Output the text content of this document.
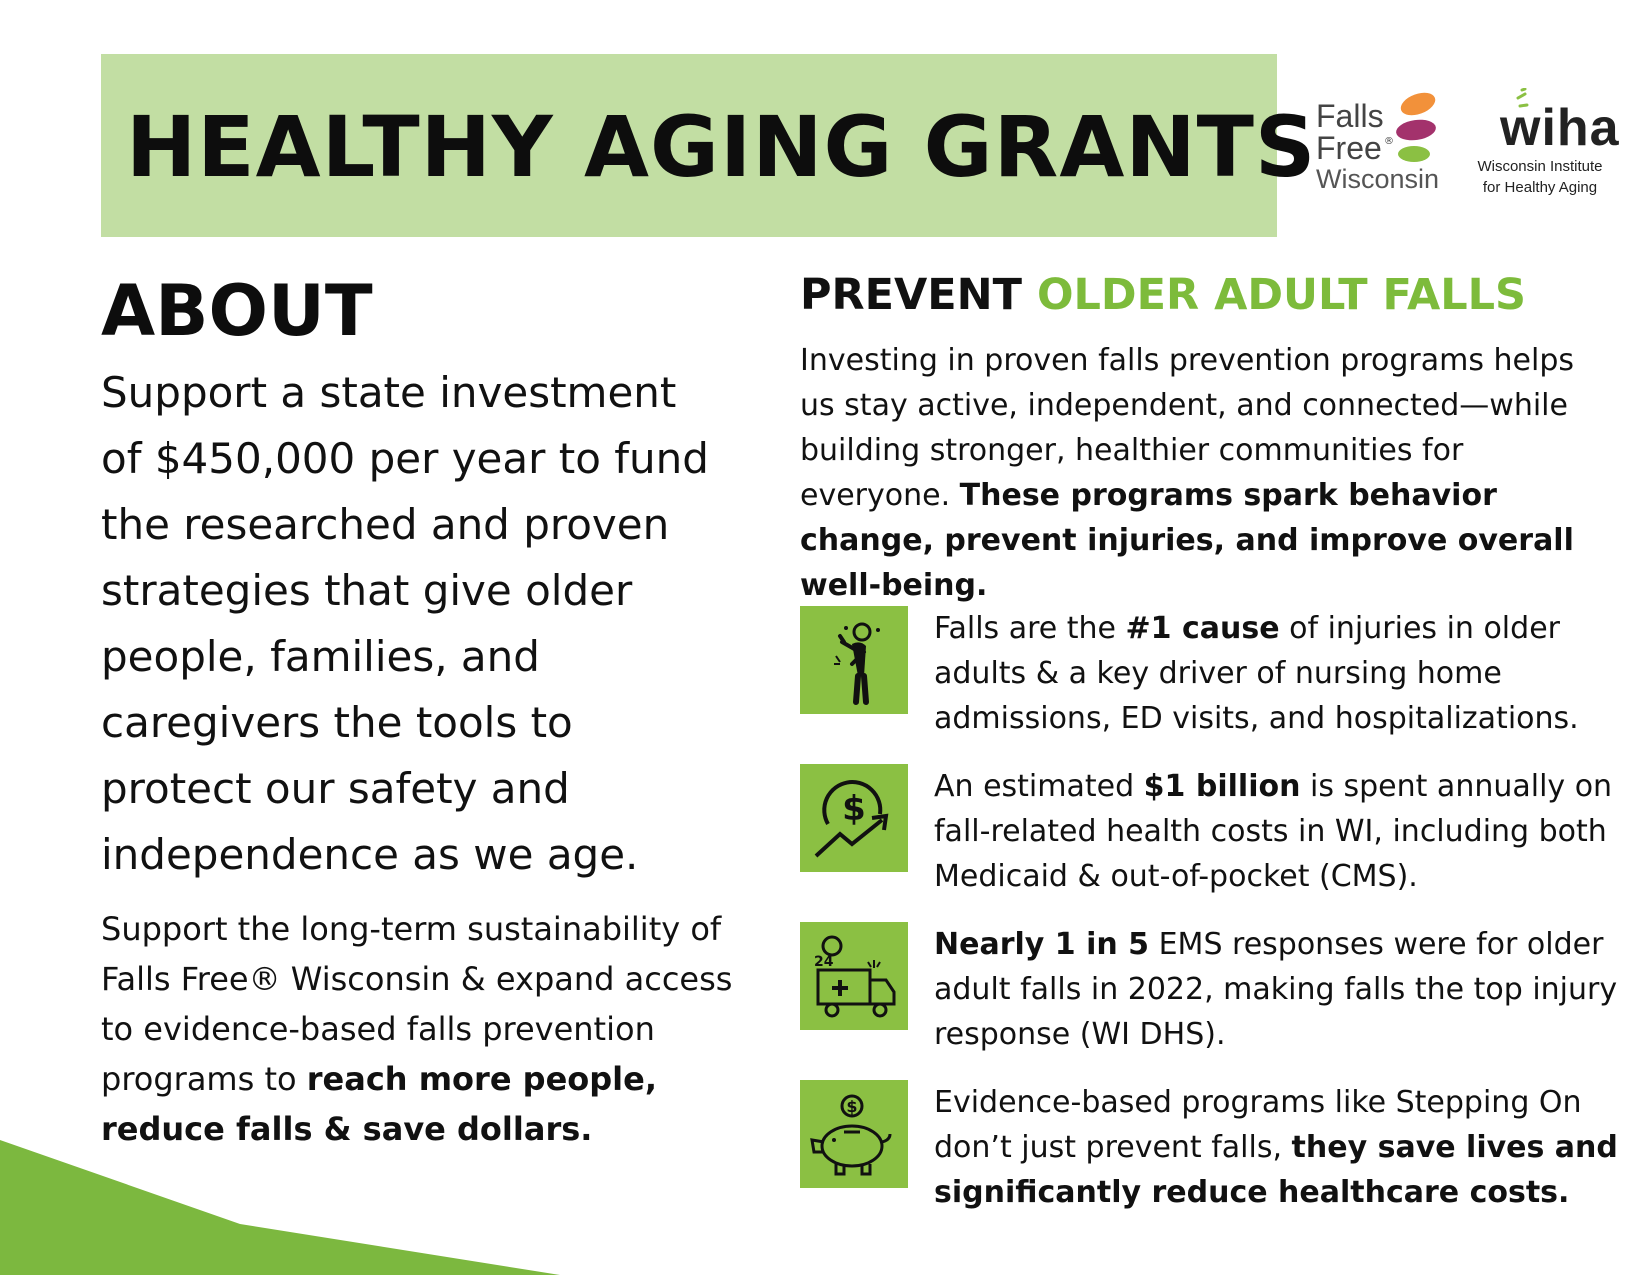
HEALTHY AGING GRANTS Falls
Free ®
Wisconsin
wiha
Wisconsin Institute
for Healthy Aging
ABOUT

Support a state investment of $450,000 per year to fund the researched and proven strategies that give older people, families, and caregivers the tools to protect our safety and independence as we age.

Support the long-term sustainability of Falls Free® Wisconsin & expand access to evidence-based falls prevention programs to reach more people, reduce falls & save dollars.

PREVENT OLDER ADULT FALLS

Investing in proven falls prevention programs helps us stay active, independent, and connected—while building stronger, healthier communities for everyone. These programs spark behavior change, prevent injuries, and improve overall well-being.

Falls are the #1 cause of injuries in older adults & a key driver of nursing home admissions, ED visits, and hospitalizations.

$

An estimated $1 billion is spent annually on fall-related health costs in WI, including both Medicaid & out-of-pocket (CMS).

24	Nearly 1 in 5 EMS responses were for older adult falls in 2022, making falls the top injury response (WI DHS).

$	Evidence-based programs like Stepping On don’t just prevent falls, they save lives and significantly reduce healthcare costs.
